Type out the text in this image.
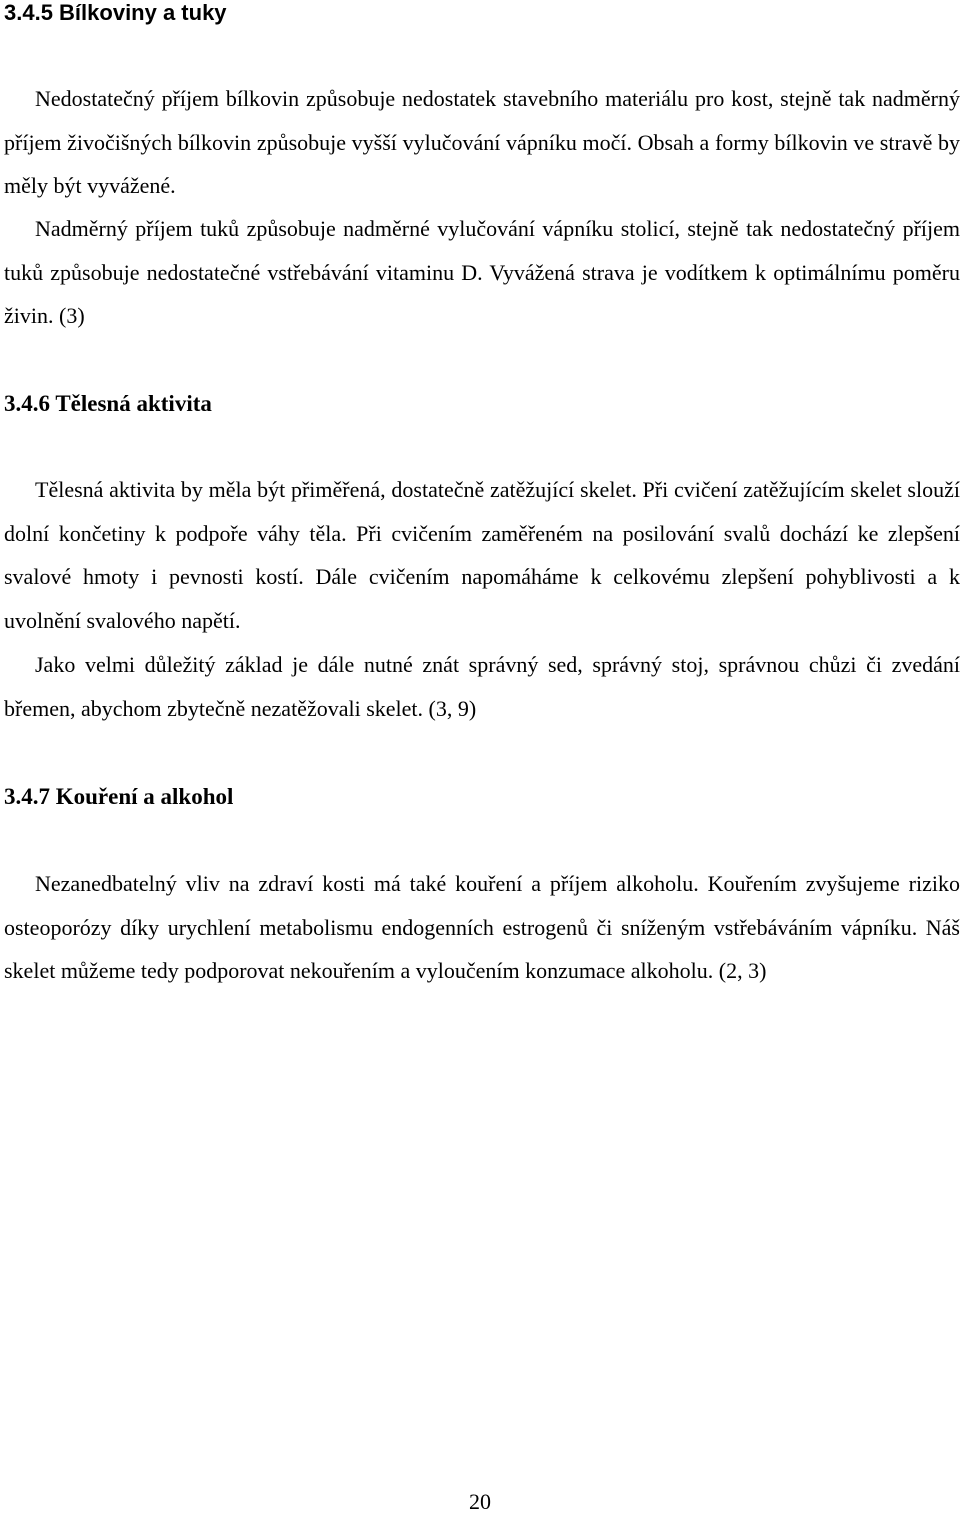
3.4.5 Bílkoviny a tuky

Nedostatečný příjem bílkovin způsobuje nedostatek stavebního materiálu pro kost, stejně tak nadměrný příjem živočišných bílkovin způsobuje vyšší vylučování vápníku močí. Obsah a formy bílkovin ve stravě by měly být vyvážené.

Nadměrný příjem tuků způsobuje nadměrné vylučování vápníku stolicí, stejně tak nedostatečný příjem tuků způsobuje nedostatečné vstřebávání vitaminu D. Vyvážená strava je vodítkem k optimálnímu poměru živin. (3)

3.4.6 Tělesná aktivita

Tělesná aktivita by měla být přiměřená, dostatečně zatěžující skelet. Při cvičení zatěžujícím skelet slouží dolní končetiny k podpoře váhy těla. Při cvičením zaměřeném na posilování svalů dochází ke zlepšení svalové hmoty i pevnosti kostí. Dále cvičením napomáháme k celkovému zlepšení pohyblivosti a k uvolnění svalového napětí.

Jako velmi důležitý základ je dále nutné znát správný sed, správný stoj, správnou chůzi či zvedání břemen, abychom zbytečně nezatěžovali skelet. (3, 9)

3.4.7 Kouření a alkohol

Nezanedbatelný vliv na zdraví kosti má také kouření a příjem alkoholu. Kouřením zvyšujeme riziko osteoporózy díky urychlení metabolismu endogenních estrogenů či sníženým vstřebáváním vápníku. Náš skelet můžeme tedy podporovat nekouřením a vyloučením konzumace alkoholu. (2, 3)

20
